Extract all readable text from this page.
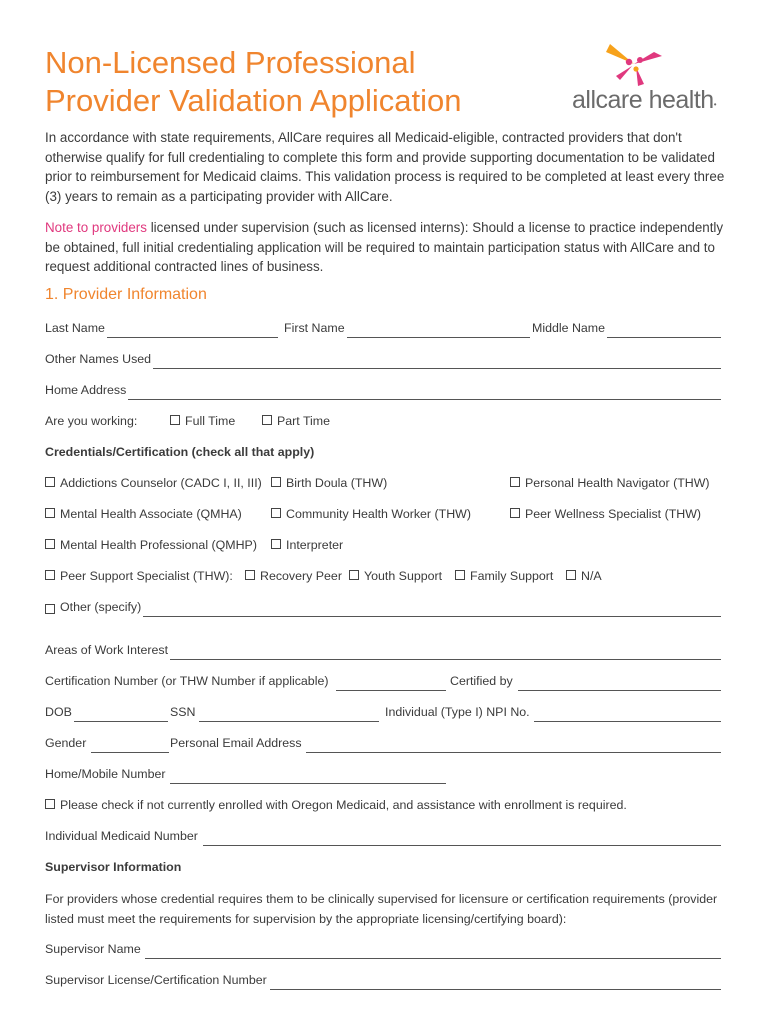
Non-Licensed Professional
Provider Validation Application	allcare health•

In accordance with state requirements, AllCare requires all Medicaid-eligible, contracted providers that don't otherwise qualify for full credentialing to complete this form and provide supporting documentation to be validated prior to reimbursement for Medicaid claims. This validation process is required to be completed at least every three (3) years to remain as a participating provider with AllCare.

Note to providers licensed under supervision (such as licensed interns): Should a license to practice independently be obtained, full initial credentialing application will be required to maintain participation status with AllCare and to request additional contracted lines of business.

1. Provider Information
Last Name	First Name	Middle Name
Other Names Used
Home Address
Are you working:	Full Time	Part Time
Credentials/Certification (check all that apply)
Addictions Counselor (CADC I, II, III)	Birth Doula (THW)	Personal Health Navigator (THW)
Mental Health Associate (QMHA)	Community Health Worker (THW)	Peer Wellness Specialist (THW)
Mental Health Professional (QMHP)	Interpreter
Peer Support Specialist (THW):	Recovery Peer	Youth Support	Family Support	N/A
Other (specify)
Areas of Work Interest
Certification Number (or THW Number if applicable)	Certified by
DOB	SSN	Individual (Type I) NPI No.
Gender	Personal Email Address
Home/Mobile Number
Please check if not currently enrolled with Oregon Medicaid, and assistance with enrollment is required.
Individual Medicaid Number
Supervisor Information

For providers whose credential requires them to be clinically supervised for licensure or certification requirements (provider listed must meet the requirements for supervision by the appropriate licensing/certifying board):

Supervisor Name
Supervisor License/Certification Number
